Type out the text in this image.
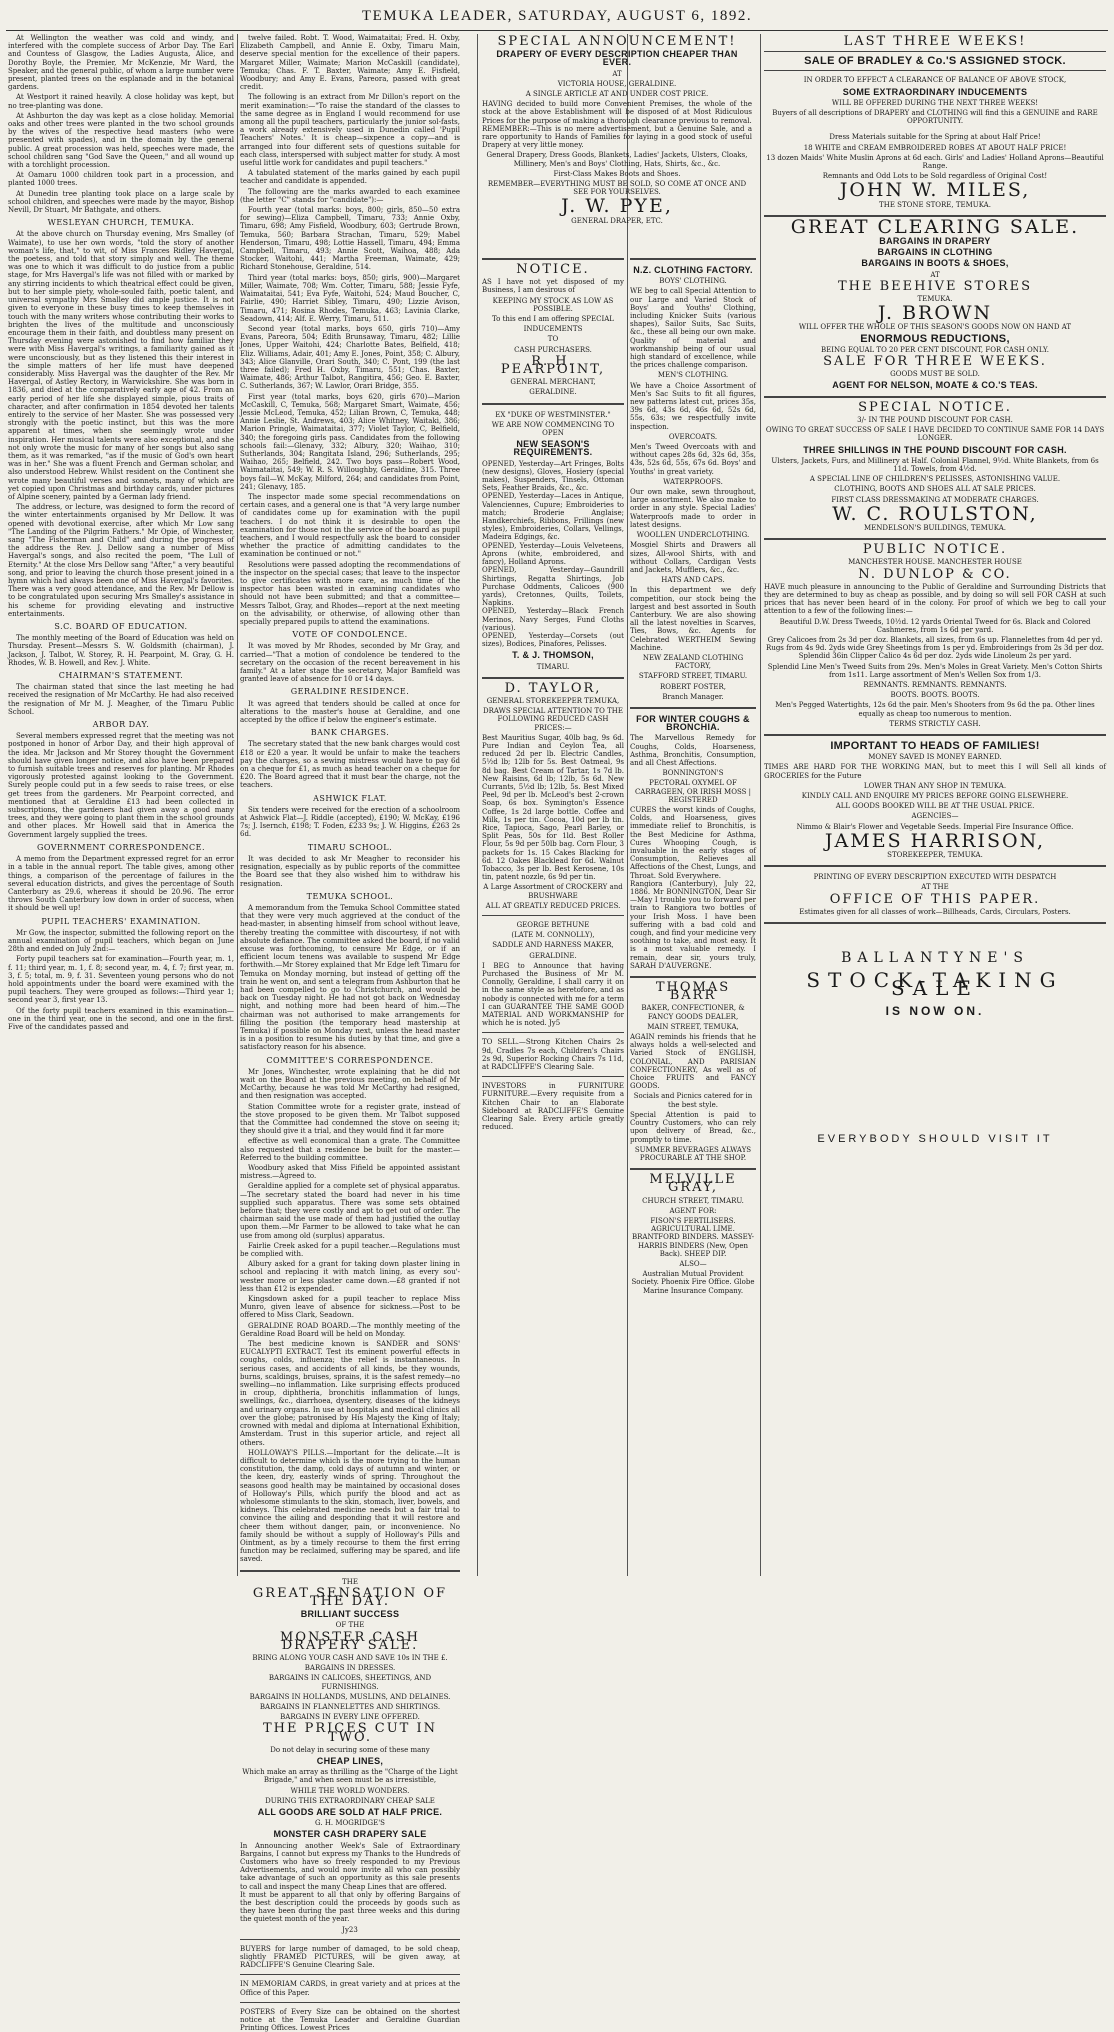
TEMUKA LEADER, SATURDAY, AUGUST 6, 1892.

At Wellington the weather was cold and windy, and interfered with the complete success of Arbor Day. The Earl and Countess of Glasgow, the Ladies Augusta, Alice, and Dorothy Boyle, the Premier, Mr McKenzie, Mr Ward, the Speaker, and the general public, of whom a large number were present, planted trees on the esplanade and in the botanical gardens.

At Westport it rained heavily. A close holiday was kept, but no tree-planting was done.

At Ashburton the day was kept as a close holiday. Memorial oaks and other trees were planted in the two school grounds by the wives of the respective head masters (who were presented with spades), and in the domain by the general public. A great procession was held, speeches were made, the school children sang "God Save the Queen," and all wound up with a torchlight procession.

At Oamaru 1000 children took part in a procession, and planted 1000 trees.

At Dunedin tree planting took place on a large scale by school children, and speeches were made by the mayor, Bishop Nevill, Dr Stuart, Mr Bathgate, and others.

WESLEYAN CHURCH, TEMUKA.

At the above church on Thursday evening, Mrs Smalley (of Waimate), to use her own words, "told the story of another woman's life, that," to wit, of Miss Frances Ridley Havergal, the poetess, and told that story simply and well. The theme was one to which it was difficult to do justice from a public stage, for Mrs Havergal's life was not filled with or marked by any stirring incidents to which theatrical effect could be given, but to her simple piety, whole-souled faith, poetic talent, and universal sympathy Mrs Smalley did ample justice. It is not given to everyone in these busy times to keep themselves in touch with the many writers whose contributing their works to brighten the lives of the multitude and unconsciously encourage them in their faith, and doubtless many present on Thursday evening were astonished to find how familiar they were with Miss Havergal's writings, a familiarity gained as it were unconsciously, but as they listened this their interest in the simple matters of her life must have deepened considerably. Miss Havergal was the daughter of the Rev. Mr Havergal, of Astley Rectory, in Warwickshire. She was born in 1836, and died at the comparatively early age of 42. From an early period of her life she displayed simple, pious traits of character, and after confirmation in 1854 devoted her talents entirely to the service of her Master. She was possessed very strongly with the poetic instinct, but this was the more apparent at times, when she seemingly wrote under inspiration. Her musical talents were also exceptional, and she not only wrote the music for many of her songs but also sang them, as it was remarked, "as if the music of God's own heart was in her." She was a fluent French and German scholar, and also understood Hebrew. Whilst resident on the Continent she wrote many beautiful verses and sonnets, many of which are yet copied upon Christmas and birthday cards, under pictures of Alpine scenery, painted by a German lady friend.

The address, or lecture, was designed to form the record of the winter entertainments organised by Mr Dellow. It was opened with devotional exercise, after which Mr Low sang "The Landing of the Pilgrim Fathers." Mr Opie, of Winchester, sang "The Fisherman and Child" and during the progress of the address the Rev. J. Dellow sang a number of Miss Havergal's songs, and also recited the poem, "The Lull of Eternity." At the close Mrs Dellow sang "After," a very beautiful song, and prior to leaving the church those present joined in a hymn which had always been one of Miss Havergal's favorites. There was a very good attendance, and the Rev. Mr Dellow is to be congratulated upon securing Mrs Smalley's assistance in his scheme for providing elevating and instructive entertainments.

S.C. BOARD OF EDUCATION.

The monthly meeting of the Board of Education was held on Thursday. Present—Messrs S. W. Goldsmith (chairman), J. Jackson, J. Talbot, W. Storey, R. H. Pearpoint, M. Gray, G. H. Rhodes, W. B. Howell, and Rev. J. White.

CHAIRMAN'S STATEMENT.

The chairman stated that since the last meeting he had received the resignation of Mr McCarthy. He had also received the resignation of Mr M. J. Meagher, of the Timaru Public School.

ARBOR DAY.

Several members expressed regret that the meeting was not postponed in honor of Arbor Day, and their high approval of the idea. Mr Jackson and Mr Storey thought the Government should have given longer notice, and also have been prepared to furnish suitable trees and reserves for planting. Mr Rhodes vigorously protested against looking to the Government. Surely people could put in a few seeds to raise trees, or else get trees from the gardeners. Mr Pearpoint corrected, and mentioned that at Geraldine £13 had been collected in subscriptions, the gardeners had given away a good many trees, and they were going to plant them in the school grounds and other places. Mr Howell said that in America the Government largely supplied the trees.

GOVERNMENT CORRESPONDENCE.

A memo from the Department expressed regret for an error in a table in the annual report. The table gives, among other things, a comparison of the percentage of failures in the several education districts, and gives the percentage of South Canterbury as 29.6, whereas it should be 20.96. The error throws South Canterbury low down in order of success, when it should be well up!

PUPIL TEACHERS' EXAMINATION.

Mr Gow, the inspector, submitted the following report on the annual examination of pupil teachers, which began on June 28th and ended on July 2nd:—

Forty pupil teachers sat for examination—Fourth year, m. 1, f. 11; third year, m. 1, f. 8; second year, m. 4, f. 7; first year, m. 3, f. 5; total, m. 9, f. 31. Seventeen young persons who do not hold appointments under the board were examined with the pupil teachers. They were grouped as follows:—Third year 1; second year 3, first year 13.

Of the forty pupil teachers examined in this examination—one in the third year, one in the second, and one in the first. Five of the candidates passed and

twelve failed. Robt. T. Wood, Waimataitai; Fred. H. Oxby, Elizabeth Campbell, and Annie E. Oxby, Timaru Main, deserve special mention for the excellence of their papers. Margaret Miller, Waimate; Marion McCaskill (candidate), Temuka; Chas. F. T. Baxter, Waimate; Amy E. Fisfield, Woodbury; and Amy E. Evans, Pareora, passed with great credit.

The following is an extract from Mr Dillon's report on the merit examination:—"To raise the standard of the classes to the same degree as in England I would recommend for use among all the pupil teachers, particularly the junior sol-fasts, a work already extensively used in Dunedin called 'Pupil Teachers' Notes.' It is cheap—sixpence a copy—and is arranged into four different sets of questions suitable for each class, interspersed with subject matter for study. A most useful little work for candidates and pupil teachers."

A tabulated statement of the marks gained by each pupil teacher and candidate is appended.

The following are the marks awarded to each examinee (the letter "C" stands for "candidate"):—

Fourth year (total marks: boys, 800; girls, 850—50 extra for sewing)—Eliza Campbell, Timaru, 733; Annie Oxby, Timaru, 698; Amy Fisfield, Woodbury, 603; Gertrude Brown, Temuka, 560; Barbara Strachan, Timaru, 529; Mabel Henderson, Timaru, 498; Lottie Hassell, Timaru, 494; Emma Campbell, Timaru, 493; Annie Scott, Waihoa, 488; Ada Stocker, Waitohi, 441; Martha Freeman, Waimate, 429; Richard Stonehouse, Geraldine, 514.

Third year (total marks: boys, 850; girls, 900)—Margaret Miller, Waimate, 708; Wm. Cotter, Timaru, 588; Jessie Fyfe, Waimataitai, 541; Eva Fyfe, Waitohi, 524; Maud Boucher, C, Fairlie, 490; Harriet Sibley, Timaru, 490; Lizzie Avison, Timaru, 471; Rosina Rhodes, Temuka, 463; Lavinia Clarke, Seadown, 414; Alf. E. Werry, Timaru, 511.

Second year (total marks, boys 650, girls 710)—Amy Evans, Pareora, 504; Edith Brunsaway, Timaru, 482; Lillie Jones, Upper Waitohi, 424; Charlotte Bates, Belfield, 418; Eliz. Williams, Adair, 401; Amy E. Jones, Point, 358; C. Albury, 343; Alice Glanville, Orari South, 340; C. Pont, 199 (the last three failed); Fred H. Oxby, Timaru, 551; Chas. Baxter, Waimate, 486; Arthur Talbot, Rangitira, 456; Geo. E. Baxter, C. Sutherlands, 367; W. Lawlor, Orari Bridge, 355.

First year (total marks, boys 620, girls 670)—Marion McCaskill, C, Temuka, 568; Margaret Smart, Waimate, 456; Jessie McLeod, Temuka, 452; Lilian Brown, C, Temuka, 448; Annie Leslie, St. Andrews, 403; Alice Whitney, Waitaki, 386; Marion Pringle, Waimataitai, 377; Violet Taylor, C, Belfield, 340; the foregoing girls pass. Candidates from the following schools fail:—Glenavy, 332; Albury, 320; Waihao, 310; Sutherlands, 304; Rangitata Island, 296; Sutherlands, 295; Waihao, 265; Belfield, 242. Two boys pass—Robert Wood, Waimataitai, 549; W. R. S. Willoughby, Geraldine, 315. Three boys fail—W. McKay, Milford, 264; and candidates from Point, 241; Glenavy, 185.

The inspector made some special recommendations on certain cases, and a general one is that "A very large number of candidates come up for examination with the pupil teachers. I do not think it is desirable to open the examination for those not in the service of the board as pupil teachers, and I would respectfully ask the board to consider whether the practice of admitting candidates to the examination be continued or not."

Resolutions were passed adopting the recommendations of the inspector on the special cases; that leave to the inspector to give certificates with more care, as much time of the inspector has been wasted in examining candidates who should not have been submitted; and that a committee—Messrs Talbot, Gray, and Rhodes—report at the next meeting on the advisability, or otherwise, of allowing other than specially prepared pupils to attend the examinations.

VOTE OF CONDOLENCE.

It was moved by Mr Rhodes, seconded by Mr Gray, and carried—"That a motion of condolence be tendered to the secretary on the occasion of the recent bereavement in his family." At a later stage the secretary, Major Bamfield was granted leave of absence for 10 or 14 days.

GERALDINE RESIDENCE.

It was agreed that tenders should be called at once for alterations to the master's house at Geraldine, and one accepted by the office if below the engineer's estimate.

BANK CHARGES.

The secretary stated that the new bank charges would cost £18 or £20 a year. It would be unfair to make the teachers pay the charges, so a sewing mistress would have to pay 6d on a cheque for £1, as much as head teacher on a cheque for £20. The Board agreed that it must bear the charge, not the teachers.

ASHWICK FLAT.

Six tenders were received for the erection of a schoolroom at Ashwick Flat—J. Riddle (accepted), £190; W. McKay, £196 7s; J. Isernch, £198; T. Foden, £233 9s; J. W. Higgins, £263 2s 6d.

TIMARU SCHOOL.

It was decided to ask Mr Meagher to reconsider his resignation, especially as by public reports of the committee the Board see that they also wished him to withdraw his resignation.

TEMUKA SCHOOL.

A memorandum from the Temuka School Committee stated that they were very much aggrieved at the conduct of the head-master, in absenting himself from school without leave, thereby treating the committee with discourtesy, if not with absolute defiance. The committee asked the board, if no valid excuse was forthcoming, to censure Mr Edge, or if an efficient locum tenens was available to suspend Mr Edge forthwith.—Mr Storey explained that Mr Edge left Timaru for Temuka on Monday morning, but instead of getting off the train he went on, and sent a telegram from Ashburton that he had been compelled to go to Christchurch, and would be back on Tuesday night. He had not got back on Wednesday night, and nothing more had been heard of him.—The chairman was not authorised to make arrangements for filling the position (the temporary head mastership at Temuka) if possible on Monday next, unless the head master is in a position to resume his duties by that time, and give a satisfactory reason for his absence.

COMMITTEE'S CORRESPONDENCE.

Mr Jones, Winchester, wrote explaining that he did not wait on the Board at the previous meeting, on behalf of Mr McCarthy, because he was told Mr McCarthy had resigned, and then resignation was accepted.

Station Committee wrote for a register grate, instead of the stove proposed to be given them. Mr Talbot supposed that the Committee had condemned the stove on seeing it; they should give it a trial, and they would find it far more

effective as well economical than a grate. The Committee also requested that a residence be built for the master.—Referred to the building committee.

Woodbury asked that Miss Fifield be appointed assistant mistress.—Agreed to.

Geraldine applied for a complete set of physical apparatus.—The secretary stated the board had never in his time supplied such apparatus. There was some sets obtained before that; they were costly and apt to get out of order. The chairman said the use made of them had justified the outlay upon them.—Mr Farmer to be allowed to take what he can use from among old (surplus) apparatus.

Fairlie Creek asked for a pupil teacher.—Regulations must be complied with.

Albury asked for a grant for taking down plaster lining in school and replacing it with match lining, as every sou'-wester more or less plaster came down.—£8 granted if not less than £12 is expended.

Kingsdown asked for a pupil teacher to replace Miss Munro, given leave of absence for sickness.—Post to be offered to Miss Clark, Seadown.

GERALDINE ROAD BOARD.—The monthly meeting of the Geraldine Road Board will be held on Monday.

The best medicine known is SANDER and SONS' EUCALYPTI EXTRACT. Test its eminent powerful effects in coughs, colds, influenza; the relief is instantaneous. In serious cases, and accidents of all kinds, be they wounds, burns, scaldings, bruises, sprains, it is the safest remedy—no swelling—no inflammation. Like surprising effects produced in croup, diphtheria, bronchitis inflammation of lungs, swellings, &c., diarrhoea, dysentery, diseases of the kidneys and urinary organs. In use at hospitals and medical clinics all over the globe; patronised by His Majesty the King of Italy; crowned with medal and diploma at International Exhibition, Amsterdam. Trust in this superior article, and reject all others.

HOLLOWAY'S PILLS.—Important for the delicate.—It is difficult to determine which is the more trying to the human constitution, the damp, cold days of autumn and winter, or the keen, dry, easterly winds of spring. Throughout the seasons good health may be maintained by occasional doses of Holloway's Pills, which purify the blood and act as wholesome stimulants to the skin, stomach, liver, bowels, and kidneys. This celebrated medicine needs but a fair trial to convince the ailing and desponding that it will restore and cheer them without danger, pain, or inconvenience. No family should be without a supply of Holloway's Pills and Ointment, as by a timely recourse to them the first erring function may be reclaimed, suffering may be spared, and life saved.

THE
GREAT SENSATION OF THE DAY.
BRILLIANT SUCCESS
OF THE
MONSTER CASH DRAPERY SALE.
BRING ALONG YOUR CASH AND SAVE 10s IN THE £.
BARGAINS IN DRESSES.
BARGAINS IN CALICOES, SHEETINGS, AND FURNISHINGS.
BARGAINS IN HOLLANDS, MUSLINS, AND DELAINES.
BARGAINS IN FLANNELETTES AND SHIRTINGS.
BARGAINS IN EVERY LINE OFFERED.
THE PRICES CUT IN TWO.
Do not delay in securing some of these many
CHEAP LINES,
Which make an array as thrilling as the "Charge of the Light Brigade," and when seen must be as irresistible,
WHILE THE WORLD WONDERS.
DURING THIS EXTRAORDINARY CHEAP SALE
ALL GOODS ARE SOLD AT HALF PRICE.
G. H. MOGRIDGE'S
MONSTER CASH DRAPERY SALE
In Announcing another Week's Sale of Extraordinary Bargains, I cannot but express my Thanks to the Hundreds of Customers who have so freely responded to my Previous Advertisements, and would now invite all who can possibly take advantage of such an opportunity as this sale presents to call and inspect the many Cheap Lines that are offered.
It must be apparent to all that only by offering Bargains of the best description could the proceeds by goods such as they have been during the past three weeks and this during the quietest month of the year.
Jy23
BUYERS for large number of damaged, to be sold cheap, slightly FRAMED PICTURES, will be given away, at RADCLIFFE'S Genuine Clearing Sale.
IN MEMORIAM CARDS, in great variety and at prices at the Office of this Paper.
POSTERS of Every Size can be obtained on the shortest notice at the Temuka Leader and Geraldine Guardian Printing Offices. Lowest Prices
SPECIAL ANNOUNCEMENT!
DRAPERY OF EVERY DESCRIPTION CHEAPER THAN EVER.
AT
VICTORIA HOUSE, GERALDINE.
A SINGLE ARTICLE AT AND UNDER COST PRICE.
HAVING decided to build more Convenient Premises, the whole of the stock at the above Establishment will be disposed of at Most Ridiculous Prices for the purpose of making a thorough clearance previous to removal.
REMEMBER:—This is no mere advertisement, but a Genuine Sale, and a rare opportunity to Hands of Families for laying in a good stock of useful Drapery at very little money.
General Drapery, Dress Goods, Blankets, Ladies' Jackets, Ulsters, Cloaks, Millinery, Men's and Boys' Clothing, Hats, Shirts, &c., &c.
First-Class Makes Boots and Shoes.
REMEMBER—EVERYTHING MUST BE SOLD, SO COME AT ONCE AND SEE FOR YOURSELVES.
J. W. PYE,
GENERAL DRAPER, ETC.
NOTICE.
AS I have not yet disposed of my Business, I am desirous of
KEEPING MY STOCK AS LOW AS POSSIBLE.
To this end I am offering SPECIAL
INDUCEMENTS
TO
CASH PURCHASERS.
R. H. PEARPOINT,
GENERAL MERCHANT,
GERALDINE.
EX "DUKE OF WESTMINSTER."
WE ARE NOW COMMENCING TO OPEN
NEW SEASON'S REQUIREMENTS.
OPENED, Yesterday—Art Fringes, Bolts (new designs), Gloves, Hosiery (special makes), Suspenders, Tinsels, Ottoman Sets, Feather Braids, &c., &c.
OPENED, Yesterday—Laces in Antique, Valenciennes, Cupure; Embroideries to match; Broderie Anglaise; Handkerchiefs, Ribbons, Frillings (new styles), Embroideries, Collars, Vellings, Madeira Edgings, &c.
OPENED, Yesterday—Louis Velveteens, Aprons (white, embroidered, and fancy), Holland Aprons.
OPENED, Yesterday—Gaundrill Shirtings, Regatta Shirtings, Job Purchase Oddments, Calicoes (900 yards), Cretonnes, Quilts, Toilets, Napkins.
OPENED, Yesterday—Black French Merinos, Navy Serges, Fund Cloths (various).
OPENED, Yesterday—Corsets (out sizes), Bodices, Pinafores, Pelisses.
T. & J. THOMSON,
TIMARU.
D. TAYLOR,
GENERAL STOREKEEPER TEMUKA,
DRAWS SPECIAL ATTENTION TO THE FOLLOWING REDUCED CASH PRICES:—
Best Mauritius Sugar, 40lb bag, 9s 6d. Pure Indian and Ceylon Tea, all reduced 2d per lb. Electric Candles, 5½d lb; 12lb for 5s. Best Oatmeal, 9s 8d bag. Best Cream of Tartar, 1s 7d lb. New Raisins, 6d lb; 12lb, 5s 6d. New Currants, 5½d lb; 12lb, 5s. Best Mixed Peel, 9d per lb. McLeod's best 2-crown Soap, 6s box. Symington's Essence Coffee, 1s 2d large bottle. Coffee and Milk, 1s per tin. Cocoa, 10d per lb tin. Rice, Tapioca, Sago, Pearl Barley, or Split Peas, 50s for 1ld. Best Roller Flour, 5s 9d per 50lb bag. Corn Flour, 3 packets for 1s. 15 Cakes Blacking for 6d. 12 Oakes Blacklead for 6d. Walnut Tobacco, 3s per lb. Best Kerosene, 10s tin, patent nozzle, 6s 9d per tin.
A Large Assortment of CROCKERY and BRUSHWARE
ALL AT GREATLY REDUCED PRICES.
GEORGE BETHUNE
(LATE M. CONNOLLY),
SADDLE AND HARNESS MAKER,
GERALDINE.
I BEG to Announce that having Purchased the Business of Mr M. Connolly, Geraldine, I shall carry it on in the same style as heretofore, and as nobody is connected with me for a term I can GUARANTEE THE SAME GOOD MATERIAL AND WORKMANSHIP for which he is noted. Jy5
TO SELL.—Strong Kitchen Chairs 2s 9d, Cradles 7s each, Children's Chairs 2s 9d, Superior Rocking Chairs 7s 11d, at RADCLIFFE'S Clearing Sale.
INVESTORS in FURNITURE FURNITURE.—Every requisite from a Kitchen Chair to an Elaborate Sideboard at RADCLIFFE'S Genuine Clearing Sale. Every article greatly reduced.
N.Z. CLOTHING FACTORY.
BOYS' CLOTHING.
WE beg to call Special Attention to our Large and Varied Stock of Boys' and Youths' Clothing, including Knicker Suits (various shapes), Sailor Suits, Sac Suits, &c., these all being our own make. Quality of material and workmanship being of our usual high standard of excellence, while the prices challenge comparison.
MEN'S CLOTHING.
We have a Choice Assortment of Men's Sac Suits to fit all figures, new patterns latest cut, prices 35s, 39s 6d, 43s 6d, 46s 6d, 52s 6d, 55s, 63s; we respectfully invite inspection.
OVERCOATS.
Men's Tweed Overcoats with and without capes 28s 6d, 32s 6d, 35s, 43s, 52s 6d, 55s, 67s 6d. Boys' and Youths' in great variety.
WATERPROOFS.
Our own make, sewn throughout, large assortment. We also make to order in any style. Special Ladies' Waterproofs made to order in latest designs.
WOOLLEN UNDERCLOTHING.
Mosgiel Shirts and Drawers all sizes, All-wool Shirts, with and without Collars, Cardigan Vests and Jackets, Mufflers, &c., &c.
HATS AND CAPS.
In this department we defy competition, our stock being the largest and best assorted in South Canterbury. We are also showing all the latest novelties in Scarves, Ties, Bows, &c. Agents for Celebrated WERTHEIM Sewing Machine.
NEW ZEALAND CLOTHING FACTORY,
STAFFORD STREET, TIMARU.
ROBERT FOSTER,
Branch Manager.
FOR WINTER COUGHS & BRONCHIA.
The Marvellous Remedy for Coughs, Colds, Hoarseness, Asthma, Bronchitis, Consumption, and all Chest Affections.
BONNINGTON'S
PECTORAL OXYMEL OF CARRAGEEN, OR IRISH MOSS | REGISTERED
CURES the worst kinds of Coughs, Colds, and Hoarseness, gives immediate relief to Bronchitis, is the Best Medicine for Asthma, Cures Whooping Cough, is invaluable in the early stages of Consumption, Relieves all Affections of the Chest, Lungs, and Throat. Sold Everywhere.
Rangiora (Canterbury), July 22, 1886. Mr BONNINGTON, Dear Sir—May I trouble you to forward per train to Rangiora two bottles of your Irish Moss. I have been suffering with a bad cold and cough, and find your medicine very soothing to take, and most easy. It is a most valuable remedy. I remain, dear sir, yours truly, SARAH D'AUVERGNE.
THOMAS BARR
BAKER, CONFECTIONER, & FANCY GOODS DEALER,
MAIN STREET, TEMUKA,
AGAIN reminds his friends that he always holds a well-selected and Varied Stock of ENGLISH, COLONIAL, AND PARISIAN CONFECTIONERY, As well as of Choice FRUITS and FANCY GOODS.
Socials and Picnics catered for in the best style.
Special Attention is paid to Country Customers, who can rely upon delivery of Bread, &c., promptly to time.
SUMMER BEVERAGES ALWAYS PROCURABLE AT THE SHOP.
MELVILLE GRAY,
CHURCH STREET, TIMARU.
AGENT FOR:
FISON'S FERTILISERS. AGRICULTURAL LIME. BRANTFORD BINDERS. MASSEY-HARRIS BINDERS (New, Open Back). SHEEP DIP.
ALSO—
Australian Mutual Provident Society. Phoenix Fire Office. Globe Marine Insurance Company.
LAST THREE WEEKS!
SALE OF BRADLEY & Co.'S ASSIGNED STOCK.
IN ORDER TO EFFECT A CLEARANCE OF BALANCE OF ABOVE STOCK,
SOME EXTRAORDINARY INDUCEMENTS
WILL BE OFFERED DURING THE NEXT THREE WEEKS!
Buyers of all descriptions of DRAPERY and CLOTHING will find this a GENUINE and RARE OPPORTUNITY.
Dress Materials suitable for the Spring at about Half Price!
18 WHITE and CREAM EMBROIDERED ROBES AT ABOUT HALF PRICE!
13 dozen Maids' White Muslin Aprons at 6d each. Girls' and Ladies' Holland Aprons—Beautiful Range.
Remnants and Odd Lots to be Sold regardless of Original Cost!
JOHN W. MILES,
THE STONE STORE, TEMUKA.
GREAT CLEARING SALE.
BARGAINS IN DRAPERY
BARGAINS IN CLOTHING
BARGAINS IN BOOTS & SHOES,
AT
THE BEEHIVE STORES
TEMUKA.
J. BROWN
WILL OFFER THE WHOLE OF THIS SEASON'S GOODS NOW ON HAND AT
ENORMOUS REDUCTIONS,
BEING EQUAL TO 20 PER CENT DISCOUNT, FOR CASH ONLY.
SALE FOR THREE WEEKS.
GOODS MUST BE SOLD.
AGENT FOR NELSON, MOATE & CO.'S TEAS.
SPECIAL NOTICE.
3/- IN THE POUND DISCOUNT FOR CASH.
OWING TO GREAT SUCCESS OF SALE I HAVE DECIDED TO CONTINUE SAME FOR 14 DAYS LONGER.
THREE SHILLINGS IN THE POUND DISCOUNT FOR CASH.
Ulsters, Jackets, Furs, and Millinery at Half. Colonial Flannel, 9½d. White Blankets, from 6s 11d. Towels, from 4½d.
A SPECIAL LINE OF CHILDREN'S PELISSES, ASTONISHING VALUE.
CLOTHING, BOOTS AND SHOES ALL AT SALE PRICES.
FIRST CLASS DRESSMAKING AT MODERATE CHARGES.
W. C. ROULSTON,
MENDELSON'S BUILDINGS, TEMUKA.
PUBLIC NOTICE.
MANCHESTER HOUSE. MANCHESTER HOUSE
N. DUNLOP & CO.
HAVE much pleasure in announcing to the Public of Geraldine and Surrounding Districts that they are determined to buy as cheap as possible, and by doing so will sell FOR CASH at such prices that has never been heard of in the colony. For proof of which we beg to call your attention to a few of the following lines:—
Beautiful D.W. Dress Tweeds, 10½d. 12 yards Oriental Tweed for 6s. Black and Colored Cashmeres, from 1s 6d per yard.
Grey Calicoes from 2s 3d per doz. Blankets, all sizes, from 6s up. Flannelettes from 4d per yd. Rugs from 4s 9d. 2yds wide Grey Sheetings from 1s per yd. Embroiderings from 2s 3d per doz. Splendid 36in Clipper Calico 4s 6d per doz. 2yds wide Linoleum 2s per yard.
Splendid Line Men's Tweed Suits from 29s. Men's Moles in Great Variety. Men's Cotton Shirts from 1s11. Large assortment of Men's Wellen Sox from 1/3.
REMNANTS. REMNANTS. REMNANTS.
BOOTS. BOOTS. BOOTS.
Men's Pegged Watertights, 12s 6d the pair. Men's Shooters from 9s 6d the pa. Other lines equally as cheap too numerous to mention.
TERMS STRICTLY CASH.
IMPORTANT TO HEADS OF FAMILIES!
MONEY SAVED IS MONEY EARNED.
TIMES ARE HARD FOR THE WORKING MAN, but to meet this I will Sell all kinds of GROCERIES for the Future
LOWER THAN ANY SHOP IN TEMUKA.
KINDLY CALL AND ENQUIRE MY PRICES BEFORE GOING ELSEWHERE.
ALL GOODS BOOKED WILL BE AT THE USUAL PRICE.
AGENCIES—
Nimmo & Blair's Flower and Vegetable Seeds. Imperial Fire Insurance Office.
JAMES HARRISON,
STOREKEEPER, TEMUKA.
PRINTING OF EVERY DESCRIPTION EXECUTED WITH DESPATCH
AT THE
OFFICE OF THIS PAPER.
Estimates given for all classes of work—Billheads, Cards, Circulars, Posters.
BALLANTYNE'S
STOCK-TAKING SALE
IS NOW ON.
EVERYBODY SHOULD VISIT IT
